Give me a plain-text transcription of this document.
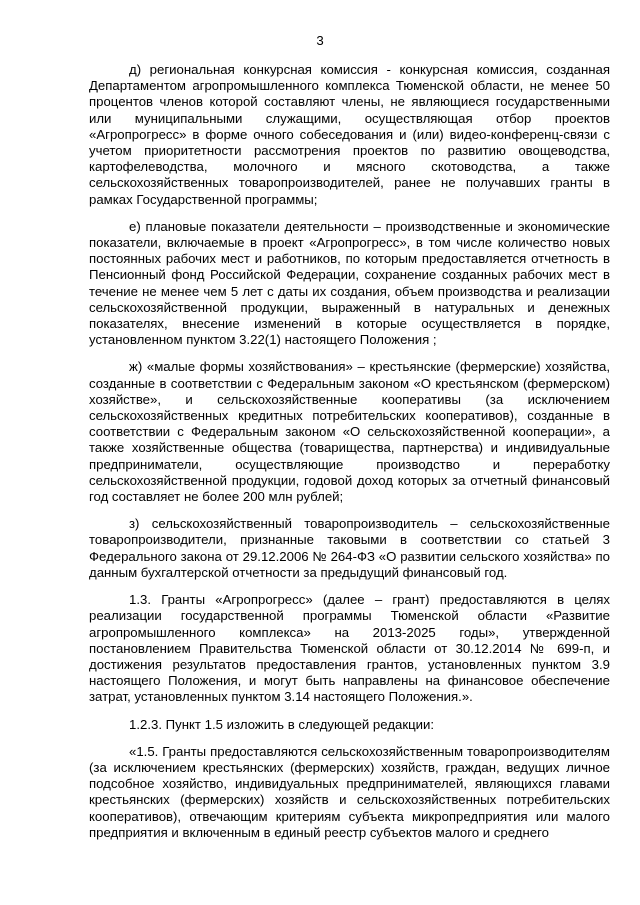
3

д) региональная конкурсная комиссия - конкурсная комиссия, созданная Департаментом агропромышленного комплекса Тюменской области, не менее 50 процентов членов которой составляют члены, не являющиеся государственными или муниципальными служащими, осуществляющая отбор проектов «Агропрогресс» в форме очного собеседования и (или) видео-конференц-связи с учетом приоритетности рассмотрения проектов по развитию овощеводства, картофелеводства, молочного и мясного скотоводства, а также сельскохозяйственных товаропроизводителей, ранее не получавших гранты в рамках Государственной программы;

е) плановые показатели деятельности – производственные и экономические показатели, включаемые в проект «Агропрогресс», в том числе количество новых постоянных рабочих мест и работников, по которым предоставляется отчетность в Пенсионный фонд Российской Федерации, сохранение созданных рабочих мест в течение не менее чем 5 лет с даты их создания, объем производства и реализации сельскохозяйственной продукции, выраженный в натуральных и денежных показателях, внесение изменений в которые осуществляется в порядке, установленном пунктом 3.22(1) настоящего Положения ;

ж) «малые формы хозяйствования» – крестьянские (фермерские) хозяйства, созданные в соответствии с Федеральным законом «О крестьянском (фермерском) хозяйстве», и сельскохозяйственные кооперативы (за исключением сельскохозяйственных кредитных потребительских кооперативов), созданные в соответствии с Федеральным законом «О сельскохозяйственной кооперации», а также хозяйственные общества (товарищества, партнерства) и индивидуальные предприниматели, осуществляющие производство и переработку сельскохозяйственной продукции, годовой доход которых за отчетный финансовый год составляет не более 200 млн рублей;

з) сельскохозяйственный товаропроизводитель – сельскохозяйственные товаропроизводители, признанные таковыми в соответствии со статьей 3 Федерального закона от 29.12.2006 № 264-ФЗ «О развитии сельского хозяйства» по данным бухгалтерской отчетности за предыдущий финансовый год.

1.3. Гранты «Агропрогресс» (далее – грант) предоставляются в целях реализации государственной программы Тюменской области «Развитие агропромышленного комплекса» на 2013-2025 годы», утвержденной постановлением Правительства Тюменской области от 30.12.2014 № 699-п, и достижения результатов предоставления грантов, установленных пунктом 3.9 настоящего Положения, и могут быть направлены на финансовое обеспечение затрат, установленных пунктом 3.14 настоящего Положения.».

1.2.3. Пункт 1.5 изложить в следующей редакции:

«1.5. Гранты предоставляются сельскохозяйственным товаропроизводителям (за исключением крестьянских (фермерских) хозяйств, граждан, ведущих личное подсобное хозяйство, индивидуальных предпринимателей, являющихся главами крестьянских (фермерских) хозяйств и сельскохозяйственных потребительских кооперативов), отвечающим критериям субъекта микропредприятия или малого предприятия и включенным в единый реестр субъектов малого и среднего
